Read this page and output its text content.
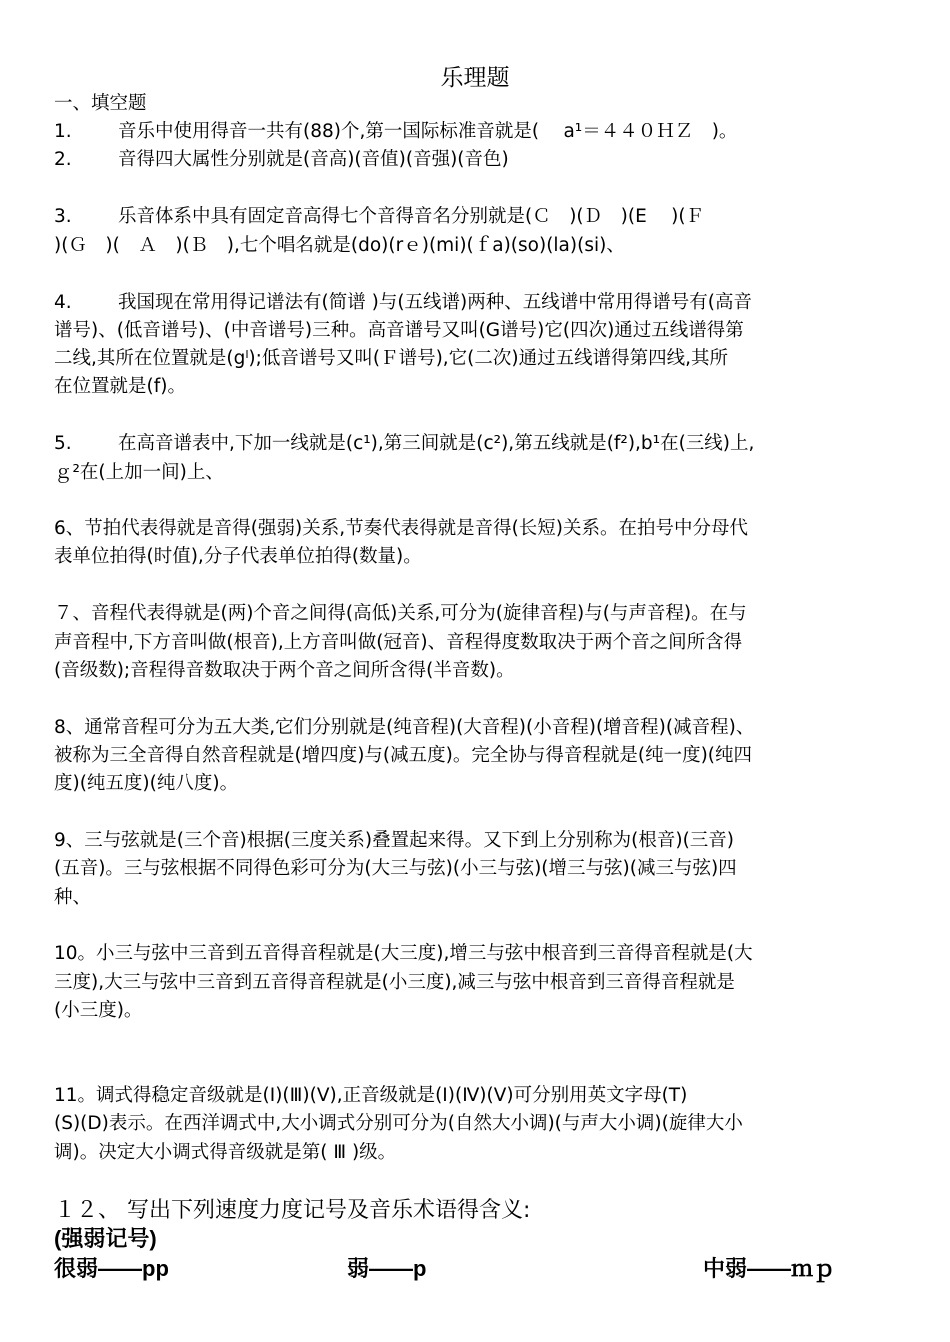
乐理题
一、填空题
1.	音乐中使用得音一共有(88)个,第一国际标准音就是(　 a¹＝４４０ＨＺ　)。
2.	音得四大属性分别就是(音高)(音值)(音强)(音色)
3.	乐音体系中具有固定音高得七个音得音名分别就是(Ｃ　)(Ｄ　)(E　 )(Ｆ
)(Ｇ　)(　Ａ　)(Ｂ　),七个唱名就是(do)(rｅ)(mi)(ｆa)(so)(la)(si)、
4.	我国现在常用得记谱法有(简谱 )与(五线谱)两种、五线谱中常用得谱号有(高音
谱号)、(低音谱号)、(中音谱号)三种。高音谱号又叫(G谱号)它(四次)通过五线谱得第
二线,其所在位置就是(gˡ);低音谱号又叫(Ｆ谱号),它(二次)通过五线谱得第四线,其所
在位置就是(f)。
5.	在高音谱表中,下加一线就是(c¹),第三间就是(c²),第五线就是(f²),b¹在(三线)上,
ｇ²在(上加一间)上、
6、节拍代表得就是音得(强弱)关系,节奏代表得就是音得(长短)关系。在拍号中分母代
表单位拍得(时值),分子代表单位拍得(数量)。
７、音程代表得就是(两)个音之间得(高低)关系,可分为(旋律音程)与(与声音程)。在与
声音程中,下方音叫做(根音),上方音叫做(冠音)、音程得度数取决于两个音之间所含得
(音级数);音程得音数取决于两个音之间所含得(半音数)。
8、通常音程可分为五大类,它们分别就是(纯音程)(大音程)(小音程)(增音程)(减音程)、
被称为三全音得自然音程就是(增四度)与(减五度)。完全协与得音程就是(纯一度)(纯四
度)(纯五度)(纯八度)。
9、三与弦就是(三个音)根据(三度关系)叠置起来得。又下到上分别称为(根音)(三音)
(五音)。三与弦根据不同得色彩可分为(大三与弦)(小三与弦)(增三与弦)(减三与弦)四
种、
10。小三与弦中三音到五音得音程就是(大三度),增三与弦中根音到三音得音程就是(大
三度),大三与弦中三音到五音得音程就是(小三度),减三与弦中根音到三音得音程就是
(小三度)。
11。调式得稳定音级就是(Ⅰ)(Ⅲ)(Ⅴ),正音级就是(Ⅰ)(Ⅳ)(Ⅴ)可分别用英文字母(T)
(S)(D)表示。在西洋调式中,大小调式分别可分为(自然大小调)(与声大小调)(旋律大小
调)。决定大小调式得音级就是第( Ⅲ )级。
１２、 写出下列速度力度记号及音乐术语得含义:
(强弱记号)
很弱——pp	弱——p	中弱——ｍｐ
